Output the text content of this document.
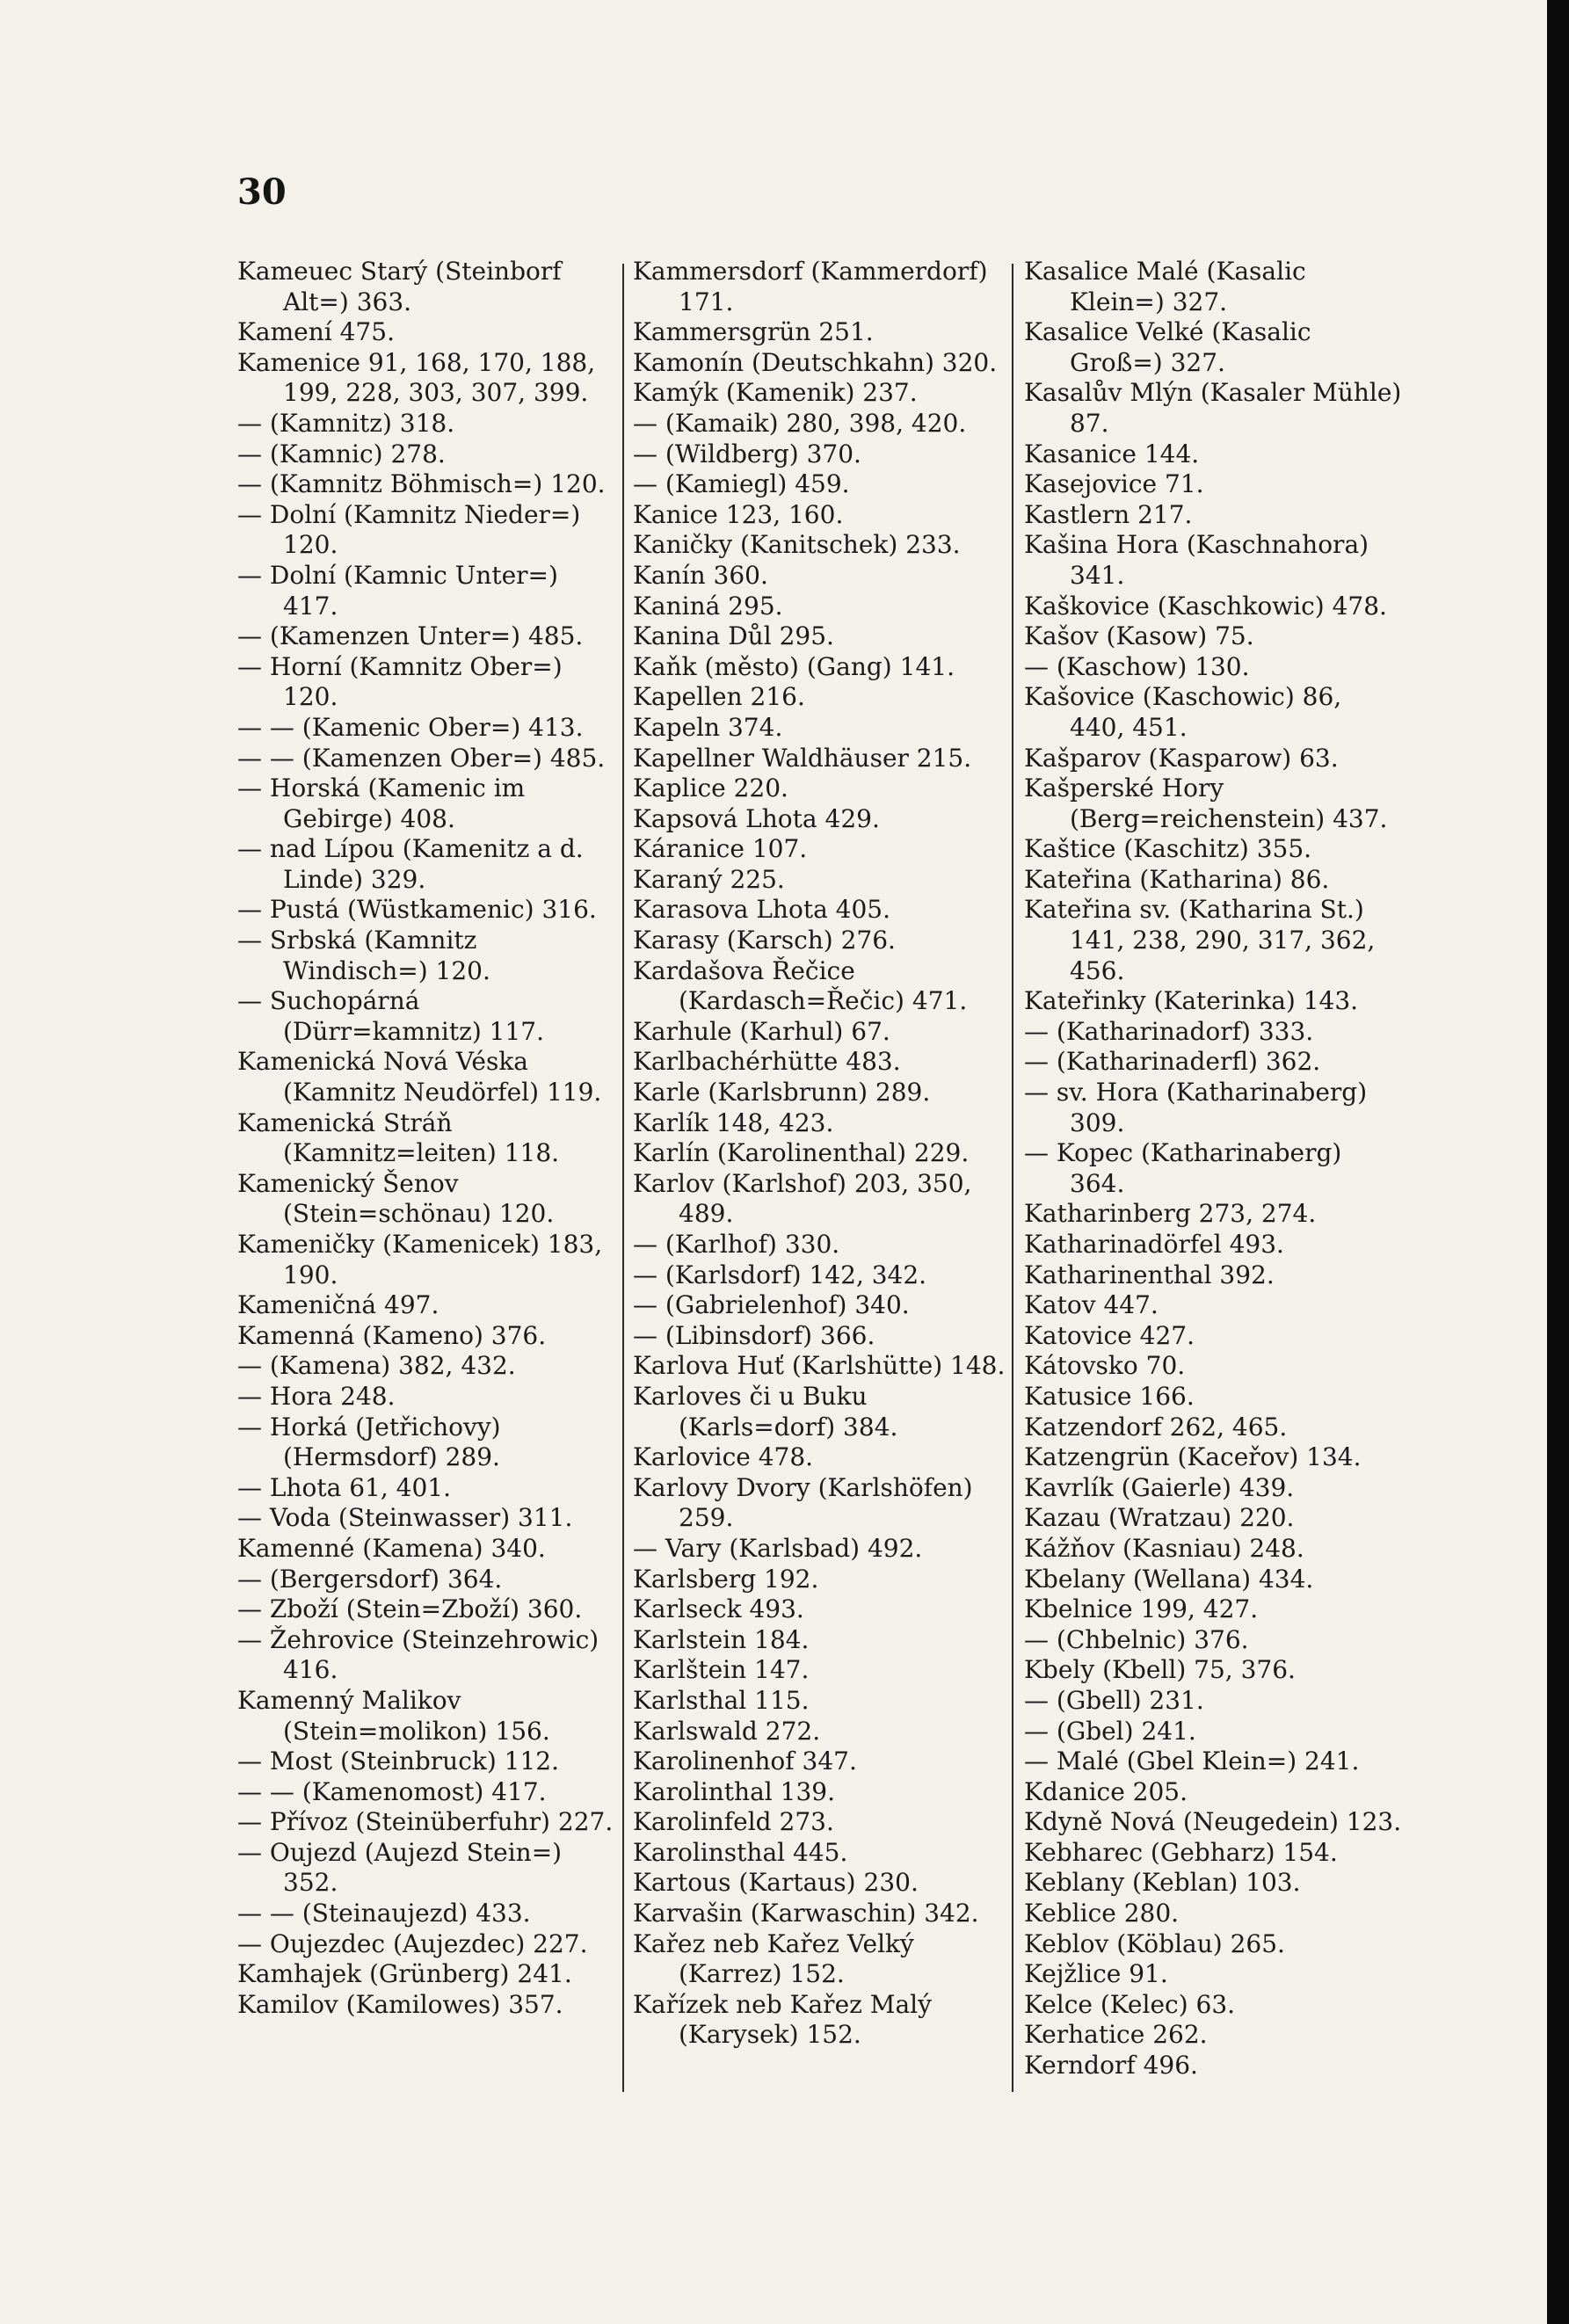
30
Kameuec Starý (Steinborf Alt=) 363.
Kamení 475.
Kamenice 91, 168, 170, 188, 199, 228, 303, 307, 399.
— (Kamnitz) 318.
— (Kamnic) 278.
— (Kamnitz Böhmisch=) 120.
— Dolní (Kamnitz Nieder=) 120.
— Dolní (Kamnic Unter=) 417.
— (Kamenzen Unter=) 485.
— Horní (Kamnitz Ober=) 120.
— — (Kamenic Ober=) 413.
— — (Kamenzen Ober=) 485.
— Horská (Kamenic im Gebirge) 408.
— nad Lípou (Kamenitz a d. Linde) 329.
— Pustá (Wüstkamenic) 316.
— Srbská (Kamnitz Windisch=) 120.
— Suchopárná (Dürr=kamnitz) 117.
Kamenická Nová Véska (Kamnitz Neudörfel) 119.
Kamenická Stráň (Kamnitz=leiten) 118.
Kamenický Šenov (Stein=schönau) 120.
Kameničky (Kamenicek) 183, 190.
Kameničná 497.
Kamenná (Kameno) 376.
— (Kamena) 382, 432.
— Hora 248.
— Horká (Jetřichovy) (Hermsdorf) 289.
— Lhota 61, 401.
— Voda (Steinwasser) 311.
Kamenné (Kamena) 340.
— (Bergersdorf) 364.
— Zboží (Stein=Zboží) 360.
— Žehrovice (Steinzehrowic) 416.
Kamenný Malikov (Stein=molikon) 156.
— Most (Steinbruck) 112.
— — (Kamenomost) 417.
— Přívoz (Steinüberfuhr) 227.
— Oujezd (Aujezd Stein=) 352.
— — (Steinaujezd) 433.
— Oujezdec (Aujezdec) 227.
Kamhajek (Grünberg) 241.
Kamilov (Kamilowes) 357.
Kammersdorf (Kammerdorf) 171.
Kammersgrün 251.
Kamonín (Deutschkahn) 320.
Kamýk (Kamenik) 237.
— (Kamaik) 280, 398, 420.
— (Wildberg) 370.
— (Kamiegl) 459.
Kanice 123, 160.
Kaničky (Kanitschek) 233.
Kanín 360.
Kaniná 295.
Kanina Důl 295.
Kaňk (město) (Gang) 141.
Kapellen 216.
Kapeln 374.
Kapellner Waldhäuser 215.
Kaplice 220.
Kapsová Lhota 429.
Káranice 107.
Karaný 225.
Karasova Lhota 405.
Karasy (Karsch) 276.
Kardašova Řečice (Kardasch=Řečic) 471.
Karhule (Karhul) 67.
Karlbachérhütte 483.
Karle (Karlsbrunn) 289.
Karlík 148, 423.
Karlín (Karolinenthal) 229.
Karlov (Karlshof) 203, 350, 489.
— (Karlhof) 330.
— (Karlsdorf) 142, 342.
— (Gabrielenhof) 340.
— (Libinsdorf) 366.
Karlova Huť (Karlshütte) 148.
Karloves či u Buku (Karls=dorf) 384.
Karlovice 478.
Karlovy Dvory (Karlshöfen) 259.
— Vary (Karlsbad) 492.
Karlsberg 192.
Karlseck 493.
Karlstein 184.
Karlštein 147.
Karlsthal 115.
Karlswald 272.
Karolinenhof 347.
Karolinthal 139.
Karolinfeld 273.
Karolinsthal 445.
Kartous (Kartaus) 230.
Karvašin (Karwaschin) 342.
Kařez neb Kařez Velký (Karrez) 152.
Kařízek neb Kařez Malý (Karysek) 152.
Kasalice Malé (Kasalic Klein=) 327.
Kasalice Velké (Kasalic Groß=) 327.
Kasalův Mlýn (Kasaler Mühle) 87.
Kasanice 144.
Kasejovice 71.
Kastlern 217.
Kašina Hora (Kaschnahora) 341.
Kaškovice (Kaschkowic) 478.
Kašov (Kasow) 75.
— (Kaschow) 130.
Kašovice (Kaschowic) 86, 440, 451.
Kašparov (Kasparow) 63.
Kašperské Hory (Berg=reichenstein) 437.
Kaštice (Kaschitz) 355.
Kateřina (Katharina) 86.
Kateřina sv. (Katharina St.) 141, 238, 290, 317, 362, 456.
Kateřinky (Katerinka) 143.
— (Katharinadorf) 333.
— (Katharinaderfl) 362.
— sv. Hora (Katharinaberg) 309.
— Kopec (Katharinaberg) 364.
Katharinberg 273, 274.
Katharinadörfel 493.
Katharinenthal 392.
Katov 447.
Katovice 427.
Kátovsko 70.
Katusice 166.
Katzendorf 262, 465.
Katzengrün (Kaceřov) 134.
Kavrlík (Gaierle) 439.
Kazau (Wratzau) 220.
Kážňov (Kasniau) 248.
Kbelany (Wellana) 434.
Kbelnice 199, 427.
— (Chbelnic) 376.
Kbely (Kbell) 75, 376.
— (Gbell) 231.
— (Gbel) 241.
— Malé (Gbel Klein=) 241.
Kdanice 205.
Kdyně Nová (Neugedein) 123.
Kebharec (Gebharz) 154.
Keblany (Keblan) 103.
Keblice 280.
Keblov (Köblau) 265.
Kejžlice 91.
Kelce (Kelec) 63.
Kerhatice 262.
Kerndorf 496.
